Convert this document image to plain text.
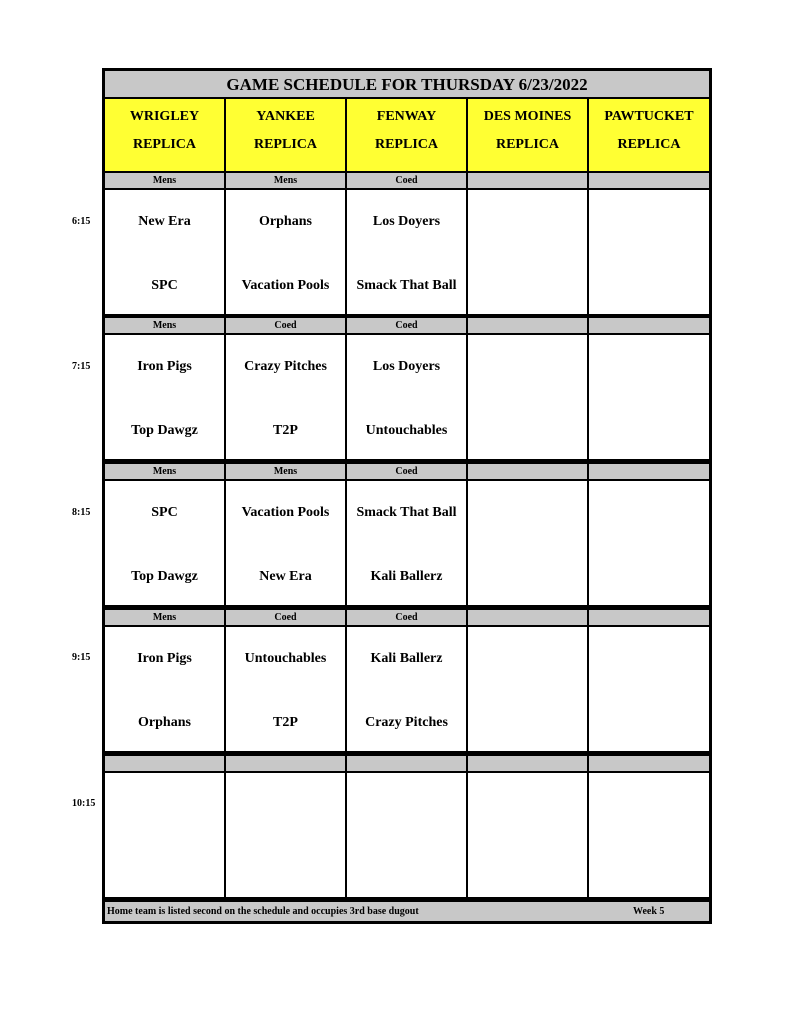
GAME SCHEDULE FOR THURSDAY 6/23/2022
Home team is listed second on the schedule and occupies 3rd base dugout	Week 5
WRIGLEY
REPLICA
YANKEE
REPLICA
FENWAY
REPLICA
DES MOINES
REPLICA
PAWTUCKET
REPLICA
Mens
New Era
SPC
Mens
Orphans
Vacation Pools
Coed
Los Doyers
Smack That Ball
Mens
Iron Pigs
Top Dawgz
Coed
Crazy Pitches
T2P
Coed
Los Doyers
Untouchables
Mens
SPC
Top Dawgz
Mens
Vacation Pools
New Era
Coed
Smack That Ball
Kali Ballerz
Mens
Iron Pigs
Orphans
Coed
Untouchables
T2P
Coed
Kali Ballerz
Crazy Pitches
6:15
7:15
8:15
9:15
10:15
